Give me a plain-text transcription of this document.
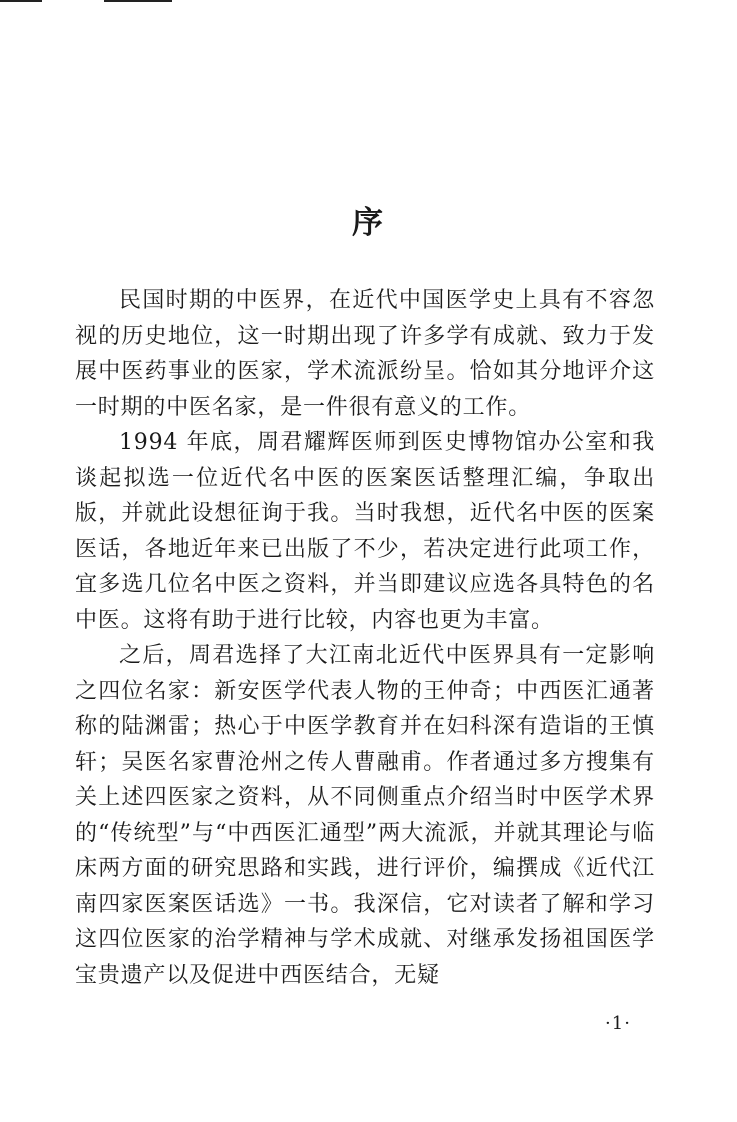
序

民国时期的中医界，在近代中国医学史上具有不容忽视的历史地位，这一时期出现了许多学有成就、致力于发展中医药事业的医家，学术流派纷呈。恰如其分地评介这一时期的中医名家，是一件很有意义的工作。

1994 年底，周君耀辉医师到医史博物馆办公室和我谈起拟选一位近代名中医的医案医话整理汇编，争取出版，并就此设想征询于我。当时我想，近代名中医的医案医话，各地近年来已出版了不少，若决定进行此项工作，宜多选几位名中医之资料，并当即建议应选各具特色的名中医。这将有助于进行比较，内容也更为丰富。

之后，周君选择了大江南北近代中医界具有一定影响之四位名家：新安医学代表人物的王仲奇；中西医汇通著称的陆渊雷；热心于中医学教育并在妇科深有造诣的王慎轩；吴医名家曹沧州之传人曹融甫。作者通过多方搜集有关上述四医家之资料，从不同侧重点介绍当时中医学术界的“传统型”与“中西医汇通型”两大流派，并就其理论与临床两方面的研究思路和实践，进行评价，编撰成《近代江南四家医案医话选》一书。我深信，它对读者了解和学习这四位医家的治学精神与学术成就、对继承发扬祖国医学宝贵遗产以及促进中西医结合，无疑

·1·
